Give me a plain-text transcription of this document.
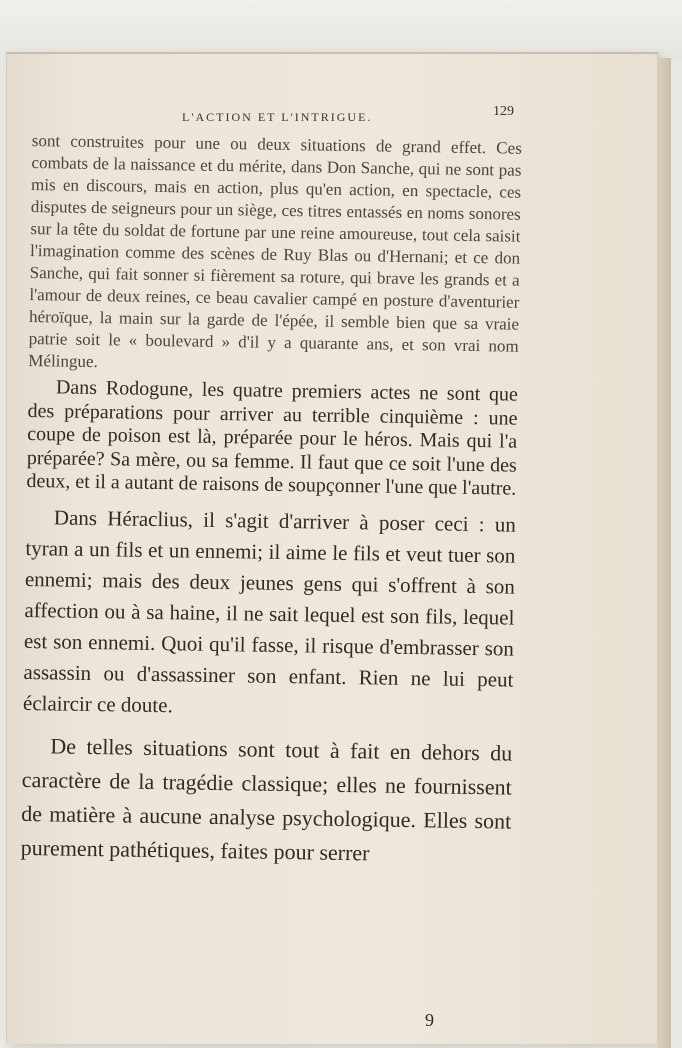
L'ACTION ET L'INTRIGUE.	129

sont construites pour une ou deux situations de grand effet. Ces combats de la naissance et du mérite, dans Don Sanche, qui ne sont pas mis en discours, mais en action, plus qu'en action, en spectacle, ces disputes de seigneurs pour un siège, ces titres entassés en noms sonores sur la tête du soldat de fortune par une reine amoureuse, tout cela saisit l'imagination comme des scènes de Ruy Blas ou d'Hernani; et ce don Sanche, qui fait sonner si fièrement sa roture, qui brave les grands et a l'amour de deux reines, ce beau cavalier campé en posture d'aventurier héroïque, la main sur la garde de l'épée, il semble bien que sa vraie patrie soit le « boulevard » d'il y a quarante ans, et son vrai nom Mélingue.

Dans Rodogune, les quatre premiers actes ne sont que des préparations pour arriver au terrible cinquième : une coupe de poison est là, préparée pour le héros. Mais qui l'a préparée? Sa mère, ou sa femme. Il faut que ce soit l'une des deux, et il a autant de raisons de soupçonner l'une que l'autre.

Dans Héraclius, il s'agit d'arriver à poser ceci : un tyran a un fils et un ennemi; il aime le fils et veut tuer son ennemi; mais des deux jeunes gens qui s'offrent à son affection ou à sa haine, il ne sait lequel est son fils, lequel est son ennemi. Quoi qu'il fasse, il risque d'embrasser son assassin ou d'assassiner son enfant. Rien ne lui peut éclaircir ce doute.

De telles situations sont tout à fait en dehors du caractère de la tragédie classique; elles ne fournissent de matière à aucune analyse psychologique. Elles sont purement pathétiques, faites pour serrer

9
